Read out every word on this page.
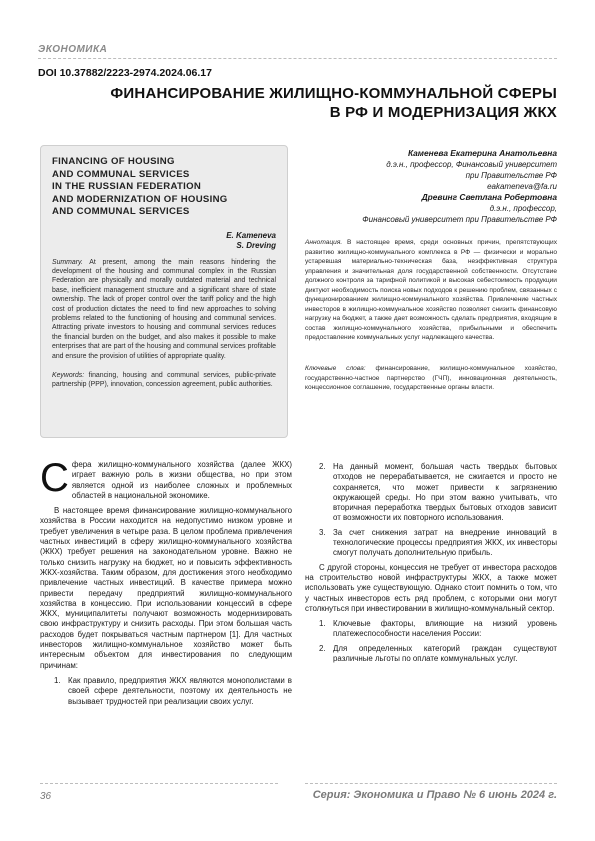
ЭКОНОМИКА
DOI 10.37882/2223-2974.2024.06.17
ФИНАНСИРОВАНИЕ ЖИЛИЩНО-КОММУНАЛЬНОЙ СФЕРЫ
В РФ И МОДЕРНИЗАЦИЯ ЖКХ
FINANCING OF HOUSING
AND COMMUNAL SERVICES
IN THE RUSSIAN FEDERATION
AND MODERNIZATION OF HOUSING
AND COMMUNAL SERVICES
E. Kameneva
S. Dreving
Summary. At present, among the main reasons hindering the development of the housing and communal complex in the Russian Federation are physically and morally outdated material and technical base, inefficient management structure and a significant share of state ownership. The lack of proper control over the tariff policy and the high cost of production dictates the need to find new approaches to solving problems related to the functioning of housing and communal services. Attracting private investors to housing and communal services reduces the financial burden on the budget, and also makes it possible to make enterprises that are part of the housing and communal services profitable and ensure the provision of utilities of appropriate quality.
Keywords: financing, housing and communal services, public-private partnership (PPP), innovation, concession agreement, public authorities.
Каменева Екатерина Анатольевна
д.э.н., профессор, Финансовый университет
при Правительстве РФ
eakameneva@fa.ru
Древинг Светлана Робертовна
д.э.н., профессор,
Финансовый университет при Правительстве РФ
Аннотация. В настоящее время, среди основных причин, препятствующих развитию жилищно-коммунального комплекса в РФ — физически и морально устаревшая материально-техническая база, неэффективная структура управления и значительная доля государственной собственности. Отсутствие должного контроля за тарифной политикой и высокая себестоимость продукции диктуют необходимость поиска новых подходов к решению проблем, связанных с функционированием жилищно-коммунального хозяйства. Привлечение частных инвесторов в жилищно-коммунальное хозяйство позволяет снизить финансовую нагрузку на бюджет, а также дает возможность сделать предприятия, входящие в состав жилищно-коммунального хозяйства, прибыльными и обеспечить предоставление коммунальных услуг надлежащего качества.
Ключевые слова: финансирование, жилищно-коммунальное хозяйство, государственно-частное партнерство (ГЧП), инновационная деятельность, концессионное соглашение, государственные органы власти.

Сфера жилищно-коммунального хозяйства (далее ЖКХ) играет важную роль в жизни общества, но при этом является одной из наиболее сложных и проблемных областей в национальной экономике.

В настоящее время финансирование жилищно-коммунального хозяйства в России находится на недопустимо низком уровне и требует увеличения в четыре раза. В целом проблема привлечения частных инвестиций в сферу жилищно-коммунального хозяйства (ЖКХ) требует решения на законодательном уровне. Важно не только снизить нагрузку на бюджет, но и повысить эффективность ЖКХ-хозяйства. Таким образом, для достижения этого необходимо привлечение частных инвестиций. В качестве примера можно привести передачу предприятий жилищно-коммунального хозяйства в концессию. При использовании концессий в сфере ЖКХ, муниципалитеты получают возможность модернизировать свою инфраструктуру и снизить расходы. При этом большая часть расходов будет покрываться частным партнером [1]. Для частных инвесторов жилищно-коммунальное хозяйство может быть интересным объектом для инвестирования по следующим причинам:

1. Как правило, предприятия ЖКХ являются монополистами в своей сфере деятельности, поэтому их деятельность не вызывает трудностей при реализации своих услуг.
2. На данный момент, большая часть твердых бытовых отходов не перерабатывается, не сжигается и просто не сохраняется, что может привести к загрязнению окружающей среды. Но при этом важно учитывать, что вторичная переработка твердых бытовых отходов зависит от возможности их повторного использования.
3. За счет снижения затрат на внедрение инноваций в технологические процессы предприятия ЖКХ, их инвесторы смогут получать дополнительную прибыль.

С другой стороны, концессия не требует от инвестора расходов на строительство новой инфраструктуры ЖКХ, а также может использовать уже существующую. Однако стоит помнить о том, что у частных инвесторов есть ряд проблем, с которыми они могут столкнуться при инвестировании в жилищно-коммунальный сектор.

1. Ключевые факторы, влияющие на низкий уровень платежеспособности населения России:
2. Для определенных категорий граждан существуют различные льготы по оплате коммунальных услуг.
36	Серия: Экономика и Право № 6 июнь 2024 г.
